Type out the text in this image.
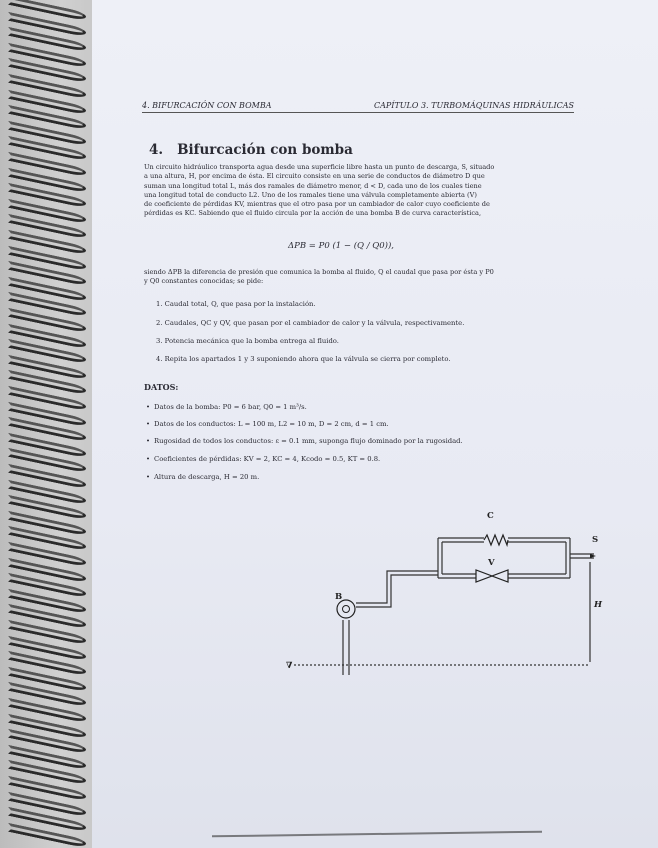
4. BIFURCACIÓN CON BOMBA	CAPÍTULO 3. TURBOMÁQUINAS HIDRÁULICAS
4. Bifurcación con bomba
Un circuito hidráulico transporta agua desde una superficie libre hasta un punto de descarga, S, situado
a una altura, H, por encima de ésta. El circuito consiste en una serie de conductos de diámetro D que
suman una longitud total L, más dos ramales de diámetro menor, d < D, cada uno de los cuales tiene
una longitud total de conducto L2. Uno de los ramales tiene una válvula completamente abierta (V)
de coeficiente de pérdidas KV, mientras que el otro pasa por un cambiador de calor cuyo coeficiente de
pérdidas es KC. Sabiendo que el fluido circula por la acción de una bomba B de curva característica,
ΔPB = P0 (1 − (Q / Q0)),
siendo ΔPB la diferencia de presión que comunica la bomba al fluido, Q el caudal que pasa por ésta y P0
y Q0 constantes conocidas; se pide:
1. Caudal total, Q, que pasa por la instalación.
2. Caudales, QC y QV, que pasan por el cambiador de calor y la válvula, respectivamente.
3. Potencia mecánica que la bomba entrega al fluido.
4. Repita los apartados 1 y 3 suponiendo ahora que la válvula se cierra por completo.
DATOS:
• Datos de la bomba: P0 = 6 bar, Q0 = 1 m³/s.
• Datos de los conductos: L = 100 m, L2 = 10 m, D = 2 cm, d = 1 cm.
• Rugosidad de todos los conductos: ε = 0.1 mm, suponga flujo dominado por la rugosidad.
• Coeficientes de pérdidas: KV = 2, KC = 4, Kcodo = 0.5, KT = 0.8.
• Altura de descarga, H = 20 m.
C
V
S
B
H
∇
